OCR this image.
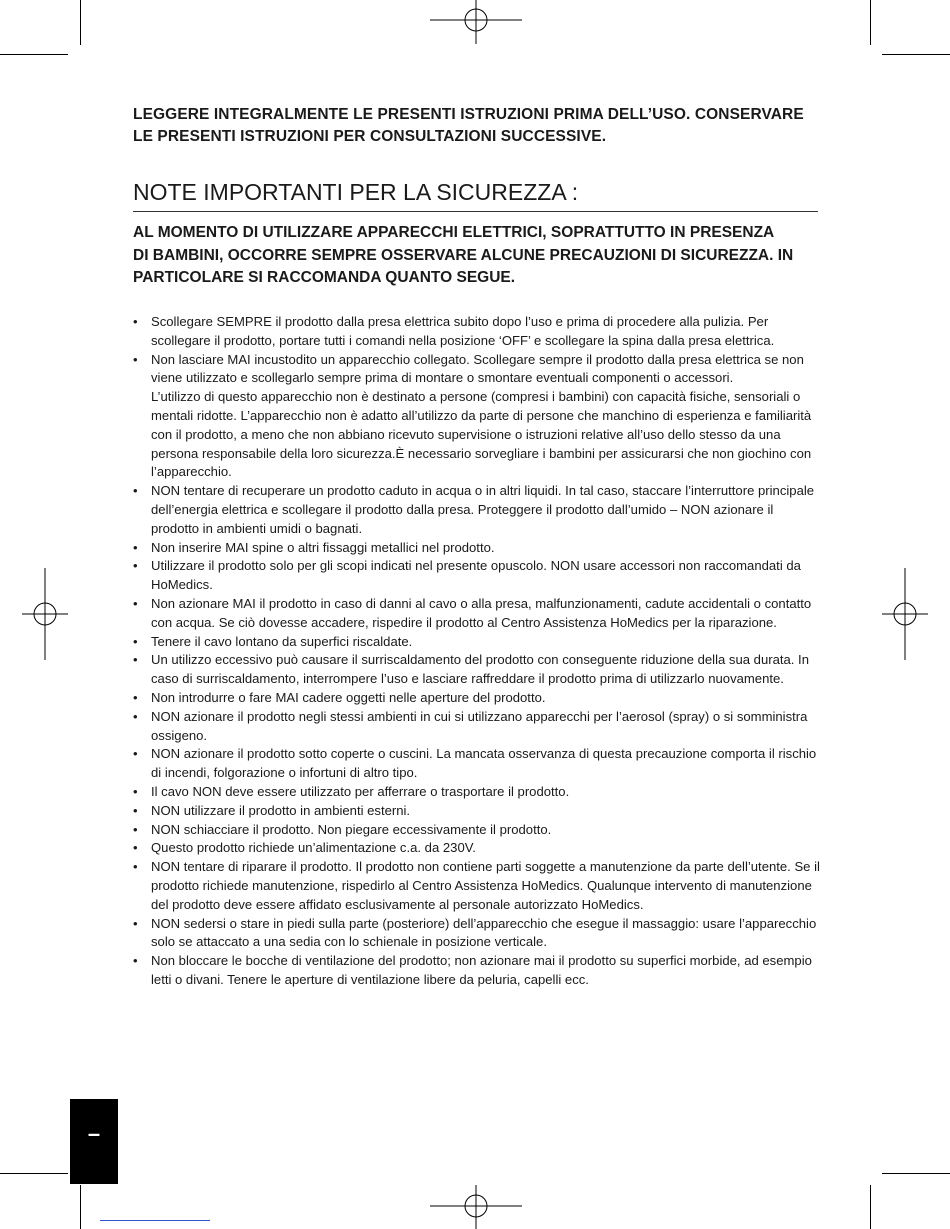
LEGGERE INTEGRALMENTE LE PRESENTI ISTRUZIONI PRIMA DELL’USO. CONSERVARE
LE PRESENTI ISTRUZIONI PER CONSULTAZIONI SUCCESSIVE.
NOTE IMPORTANTI PER LA SICUREZZA :
AL MOMENTO DI UTILIZZARE APPARECCHI ELETTRICI, SOPRATTUTTO IN PRESENZA
DI BAMBINI, OCCORRE SEMPRE OSSERVARE ALCUNE PRECAUZIONI DI SICUREZZA. IN
PARTICOLARE SI RACCOMANDA QUANTO SEGUE.
• Scollegare SEMPRE il prodotto dalla presa elettrica subito dopo l’uso e prima di procedere alla pulizia. Per scollegare il prodotto, portare tutti i comandi nella posizione ‘OFF’ e scollegare la spina dalla presa elettrica.
• Non lasciare MAI incustodito un apparecchio collegato. Scollegare sempre il prodotto dalla presa elettrica se non viene utilizzato e scollegarlo sempre prima di montare o smontare eventuali componenti o accessori.
L’utilizzo di questo apparecchio non è destinato a persone (compresi i bambini) con capacità fisiche, sensoriali o mentali ridotte. L’apparecchio non è adatto all’utilizzo da parte di persone che manchino di esperienza e familiarità con il prodotto, a meno che non abbiano ricevuto supervisione o istruzioni relative all’uso dello stesso da una persona responsabile della loro sicurezza.È necessario sorvegliare i bambini per assicurarsi che non giochino con l’apparecchio.
• NON tentare di recuperare un prodotto caduto in acqua o in altri liquidi. In tal caso, staccare l’interruttore principale dell’energia elettrica e scollegare il prodotto dalla presa. Proteggere il prodotto dall’umido – NON azionare il prodotto in ambienti umidi o bagnati.
• Non inserire MAI spine o altri fissaggi metallici nel prodotto.
• Utilizzare il prodotto solo per gli scopi indicati nel presente opuscolo. NON usare accessori non raccomandati da HoMedics.
• Non azionare MAI il prodotto in caso di danni al cavo o alla presa, malfunzionamenti, cadute accidentali o contatto con acqua. Se ciò dovesse accadere, rispedire il prodotto al Centro Assistenza HoMedics per la riparazione.
• Tenere il cavo lontano da superfici riscaldate.
• Un utilizzo eccessivo può causare il surriscaldamento del prodotto con conseguente riduzione della sua durata. In caso di surriscaldamento, interrompere l’uso e lasciare raffreddare il prodotto prima di utilizzarlo nuovamente.
• Non introdurre o fare MAI cadere oggetti nelle aperture del prodotto.
• NON azionare il prodotto negli stessi ambienti in cui si utilizzano apparecchi per l’aerosol (spray) o si somministra ossigeno.
• NON azionare il prodotto sotto coperte o cuscini. La mancata osservanza di questa precauzione comporta il rischio di incendi, folgorazione o infortuni di altro tipo.
• Il cavo NON deve essere utilizzato per afferrare o trasportare il prodotto.
• NON utilizzare il prodotto in ambienti esterni.
• NON schiacciare il prodotto. Non piegare eccessivamente il prodotto.
• Questo prodotto richiede un’alimentazione c.a. da 230V.
• NON tentare di riparare il prodotto. Il prodotto non contiene parti soggette a manutenzione da parte dell’utente. Se il prodotto richiede manutenzione, rispedirlo al Centro Assistenza HoMedics. Qualunque intervento di manutenzione del prodotto deve essere affidato esclusivamente al personale autorizzato HoMedics.
• NON sedersi o stare in piedi sulla parte (posteriore) dell’apparecchio che esegue il massaggio: usare l’apparecchio solo se attaccato a una sedia con lo schienale in posizione verticale.
• Non bloccare le bocche di ventilazione del prodotto; non azionare mai il prodotto su superfici morbide, ad esempio letti o divani. Tenere le aperture di ventilazione libere da peluria, capelli ecc.
–
